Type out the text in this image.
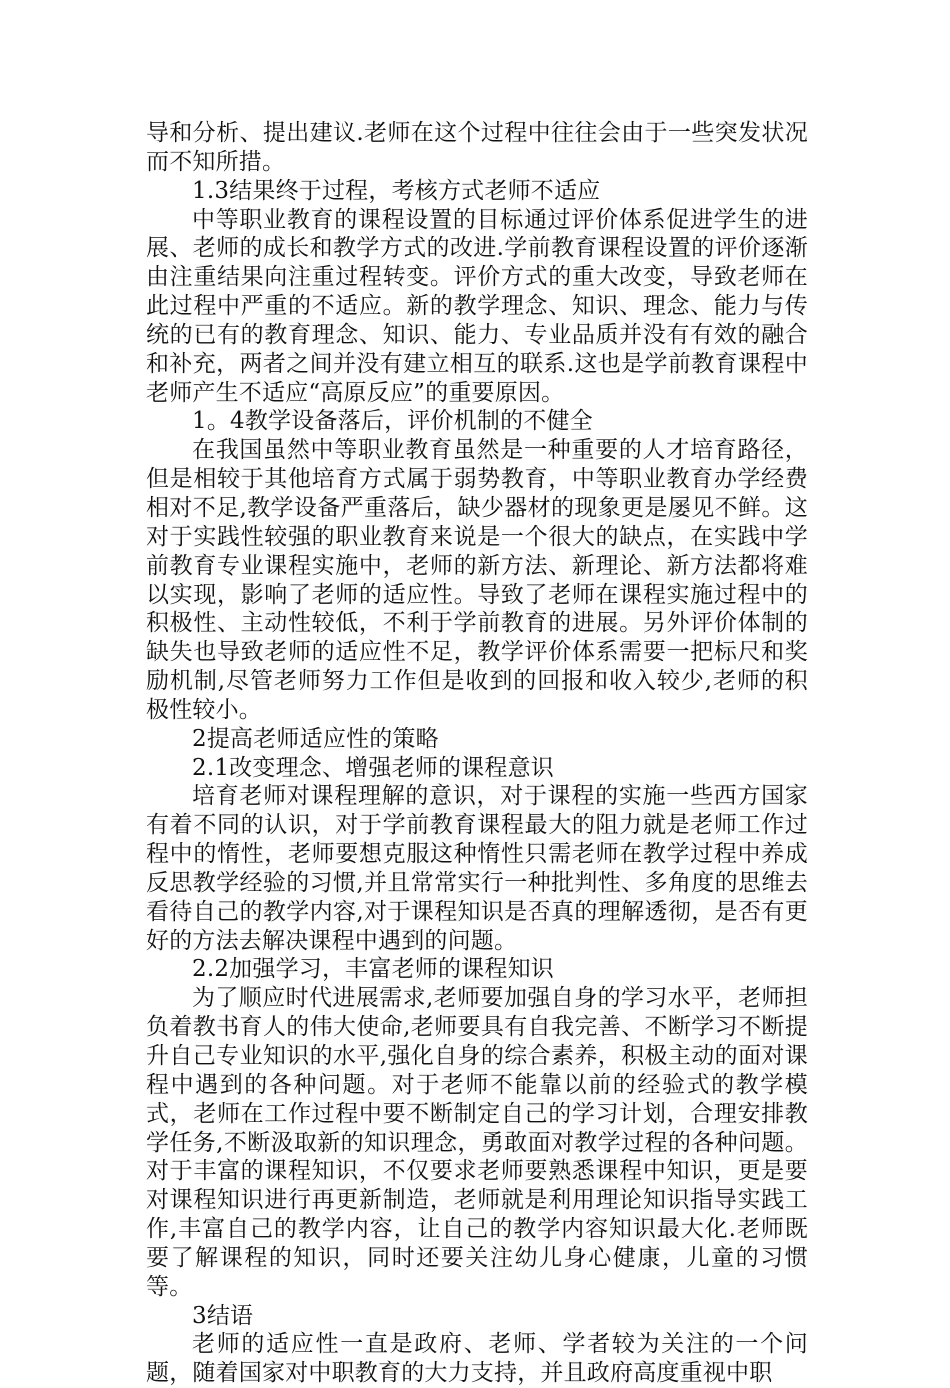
导和分析、提出建议.老师在这个过程中往往会由于一些突发状况而不知所措。

1.3结果终于过程，考核方式老师不适应

中等职业教育的课程设置的目标通过评价体系促进学生的进展、老师的成长和教学方式的改进.学前教育课程设置的评价逐渐由注重结果向注重过程转变。评价方式的重大改变，导致老师在此过程中严重的不适应。新的教学理念、知识、理念、能力与传统的已有的教育理念、知识、能力、专业品质并没有有效的融合和补充，两者之间并没有建立相互的联系.这也是学前教育课程中老师产生不适应“高原反应”的重要原因。

1。4教学设备落后，评价机制的不健全

在我国虽然中等职业教育虽然是一种重要的人才培育路径，但是相较于其他培育方式属于弱势教育，中等职业教育办学经费相对不足,教学设备严重落后，缺少器材的现象更是屡见不鲜。这对于实践性较强的职业教育来说是一个很大的缺点，在实践中学前教育专业课程实施中，老师的新方法、新理论、新方法都将难以实现，影响了老师的适应性。导致了老师在课程实施过程中的积极性、主动性较低，不利于学前教育的进展。另外评价体制的缺失也导致老师的适应性不足，教学评价体系需要一把标尺和奖励机制,尽管老师努力工作但是收到的回报和收入较少,老师的积极性较小。

2提高老师适应性的策略

2.1改变理念、增强老师的课程意识

培育老师对课程理解的意识，对于课程的实施一些西方国家有着不同的认识，对于学前教育课程最大的阻力就是老师工作过程中的惰性，老师要想克服这种惰性只需老师在教学过程中养成反思教学经验的习惯,并且常常实行一种批判性、多角度的思维去看待自己的教学内容,对于课程知识是否真的理解透彻，是否有更好的方法去解决课程中遇到的问题。

2.2加强学习，丰富老师的课程知识

为了顺应时代进展需求,老师要加强自身的学习水平，老师担负着教书育人的伟大使命,老师要具有自我完善、不断学习不断提升自己专业知识的水平,强化自身的综合素养，积极主动的面对课程中遇到的各种问题。对于老师不能靠以前的经验式的教学模式，老师在工作过程中要不断制定自己的学习计划，合理安排教学任务,不断汲取新的知识理念，勇敢面对教学过程的各种问题。对于丰富的课程知识，不仅要求老师要熟悉课程中知识，更是要对课程知识进行再更新制造，老师就是利用理论知识指导实践工作,丰富自己的教学内容，让自己的教学内容知识最大化.老师既要了解课程的知识，同时还要关注幼儿身心健康，儿童的习惯等。

3结语

老师的适应性一直是政府、老师、学者较为关注的一个问题，随着国家对中职教育的大力支持，并且政府高度重视中职
